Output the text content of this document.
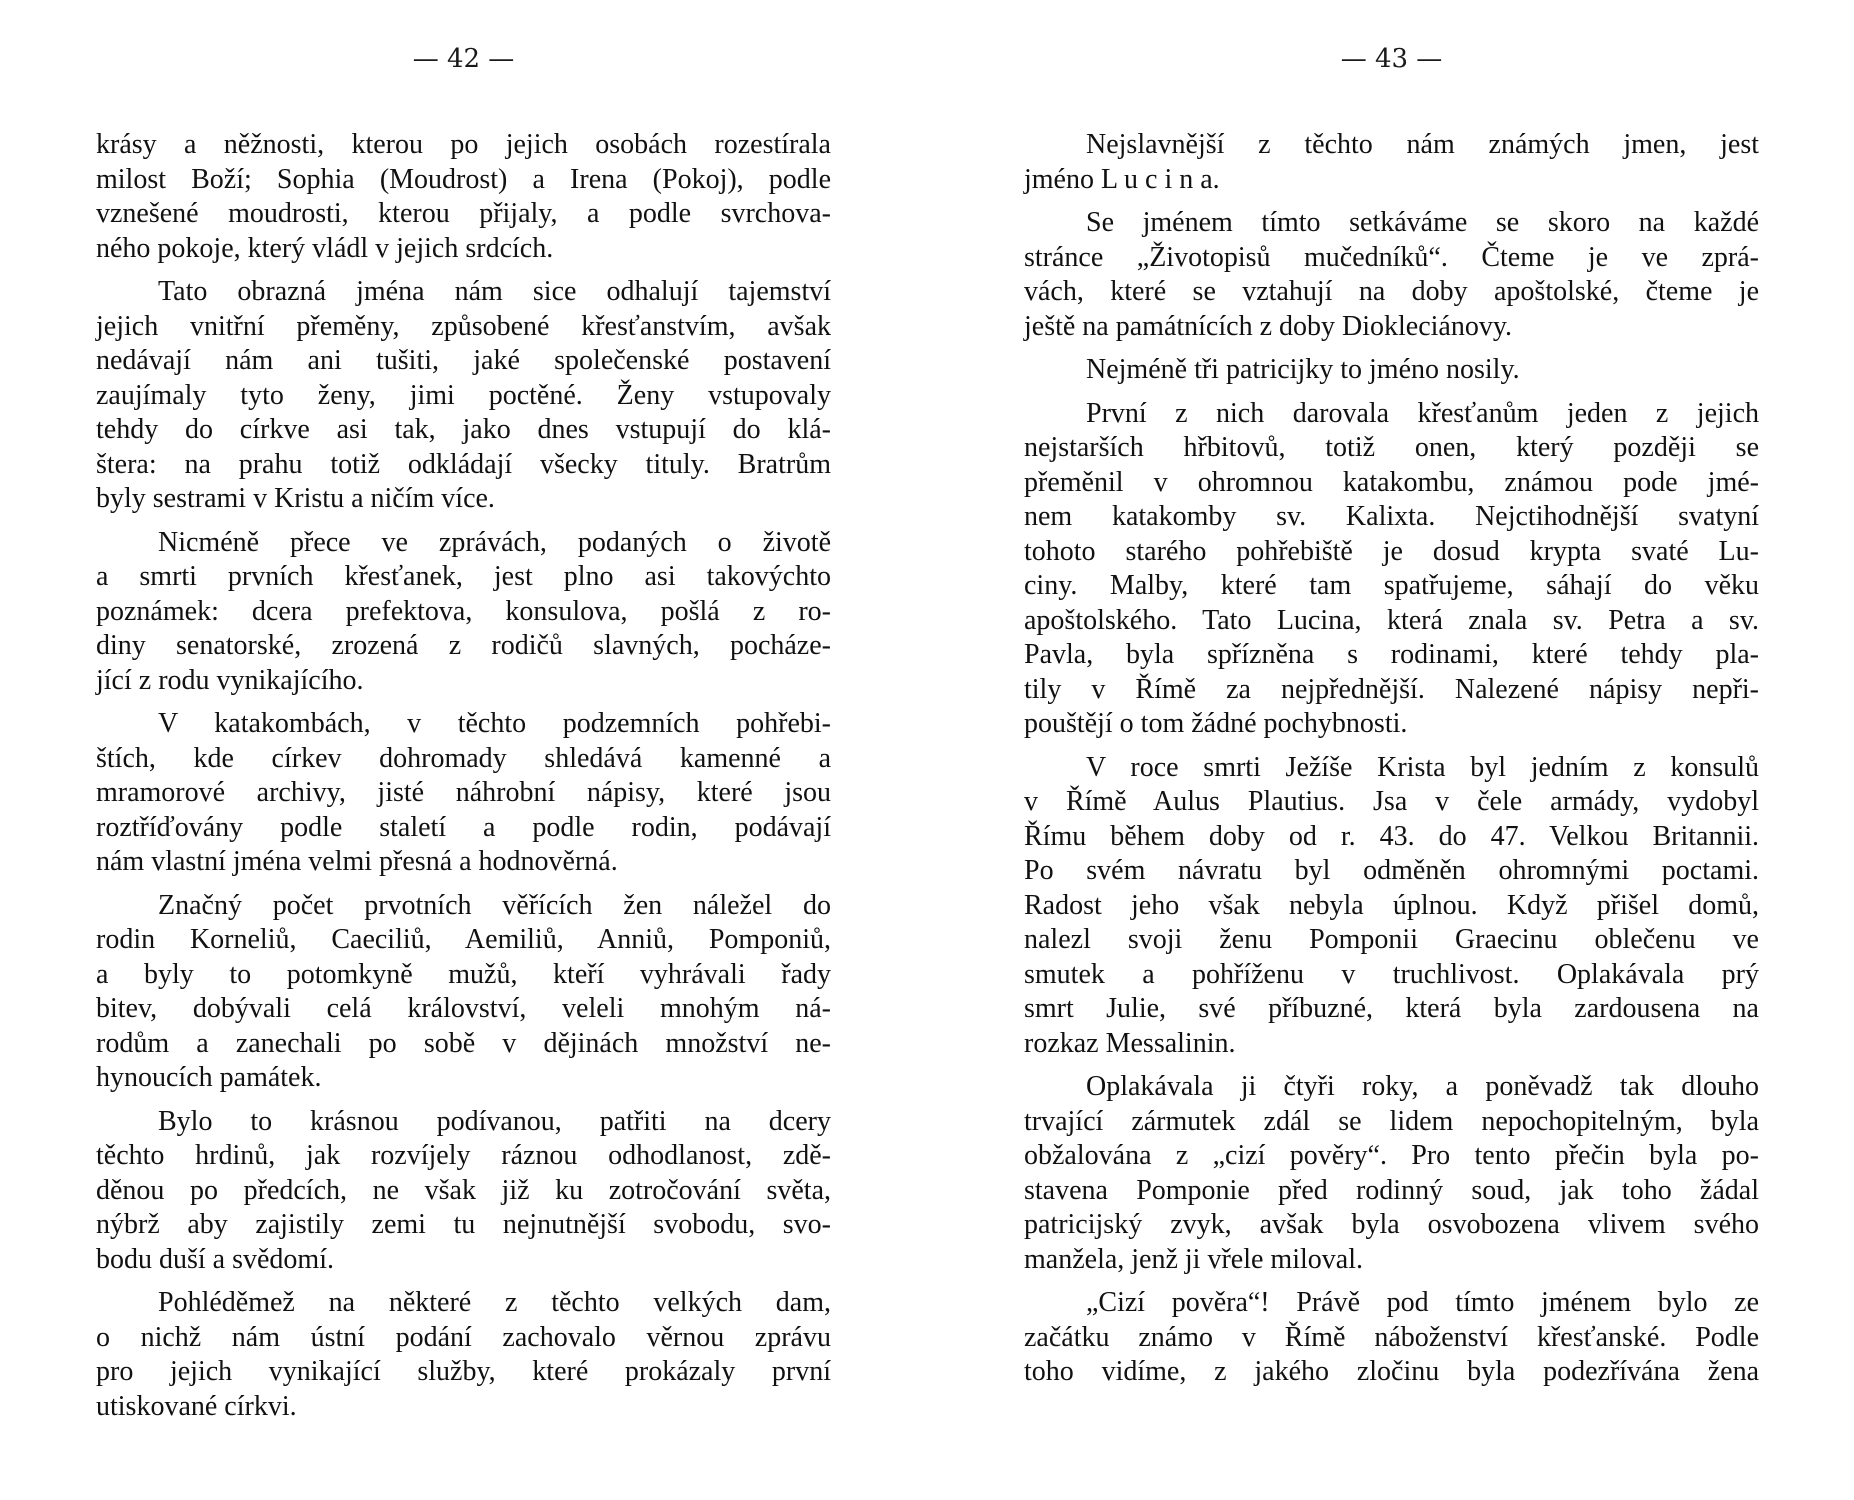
— 42 —

krásy a něžnosti, kterou po jejich osobách rozestírala
milost Boží; Sophia (Moudrost) a Irena (Pokoj), podle
vznešené moudrosti, kterou přijaly, a podle svrchova-
ného pokoje, který vládl v jejich srdcích.

Tato obrazná jména nám sice odhalují tajemství
jejich vnitřní přeměny, způsobené křesťanstvím, avšak
nedávají nám ani tušiti, jaké společenské postavení
zaujímaly tyto ženy, jimi poctěné. Ženy vstupovaly
tehdy do církve asi tak, jako dnes vstupují do klá-
štera: na prahu totiž odkládají všecky tituly. Bratrům
byly sestrami v Kristu a ničím více.

Nicméně přece ve zprávách, podaných o životě
a smrti prvních křesťanek, jest plno asi takovýchto
poznámek: dcera prefektova, konsulova, pošlá z ro-
diny senatorské, zrozená z rodičů slavných, pocháze-
jící z rodu vynikajícího.

V katakombách, v těchto podzemních pohřebi-
štích, kde církev dohromady shledává kamenné a
mramorové archivy, jisté náhrobní nápisy, které jsou
roztříďovány podle staletí a podle rodin, podávají
nám vlastní jména velmi přesná a hodnověrná.

Značný počet prvotních věřících žen náležel do
rodin Korneliů, Caeciliů, Aemiliů, Anniů, Pomponiů,
a byly to potomkyně mužů, kteří vyhrávali řady
bitev, dobývali celá království, veleli mnohým ná-
rodům a zanechali po sobě v dějinách množství ne-
hynoucích památek.

Bylo to krásnou podívanou, patřiti na dcery
těchto hrdinů, jak rozvíjely ráznou odhodlanost, zdě-
děnou po předcích, ne však již ku zotročování světa,
nýbrž aby zajistily zemi tu nejnutnější svobodu, svo-
bodu duší a svědomí.

Pohléděmež na některé z těchto velkých dam,
o nichž nám ústní podání zachovalo věrnou zprávu
pro jejich vynikající služby, které prokázaly první
utiskované církvi.

— 43 —

Nejslavnější z těchto nám známých jmen, jest
jméno L u c i n a.

Se jménem tímto setkáváme se skoro na každé
stránce „Životopisů mučedníků“. Čteme je ve zprá-
vách, které se vztahují na doby apoštolské, čteme je
ještě na památnících z doby Diokleciánovy.

Nejméně tři patricijky to jméno nosily.

První z nich darovala křesťanům jeden z jejich
nejstarších hřbitovů, totiž onen, který později se
přeměnil v ohromnou katakombu, známou pode jmé-
nem katakomby sv. Kalixta. Nejctihodnější svatyní
tohoto starého pohřebiště je dosud krypta svaté Lu-
ciny. Malby, které tam spatřujeme, sáhají do věku
apoštolského. Tato Lucina, která znala sv. Petra a sv.
Pavla, byla spřízněna s rodinami, které tehdy pla-
tily v Římě za nejpřednější. Nalezené nápisy nepři-
pouštějí o tom žádné pochybnosti.

V roce smrti Ježíše Krista byl jedním z konsulů
v Římě Aulus Plautius. Jsa v čele armády, vydobyl
Římu během doby od r. 43. do 47. Velkou Britannii.
Po svém návratu byl odměněn ohromnými poctami.
Radost jeho však nebyla úplnou. Když přišel domů,
nalezl svoji ženu Pomponii Graecinu oblečenu ve
smutek a pohříženu v truchlivost. Oplakávala prý
smrt Julie, své příbuzné, která byla zardousena na
rozkaz Messalinin.

Oplakávala ji čtyři roky, a poněvadž tak dlouho
trvající zármutek zdál se lidem nepochopitelným, byla
obžalována z „cizí pověry“. Pro tento přečin byla po-
stavena Pomponie před rodinný soud, jak toho žádal
patricijský zvyk, avšak byla osvobozena vlivem svého
manžela, jenž ji vřele miloval.

„Cizí pověra“! Právě pod tímto jménem bylo ze
začátku známo v Římě náboženství křesťanské. Podle
toho vidíme, z jakého zločinu byla podezřívána žena
